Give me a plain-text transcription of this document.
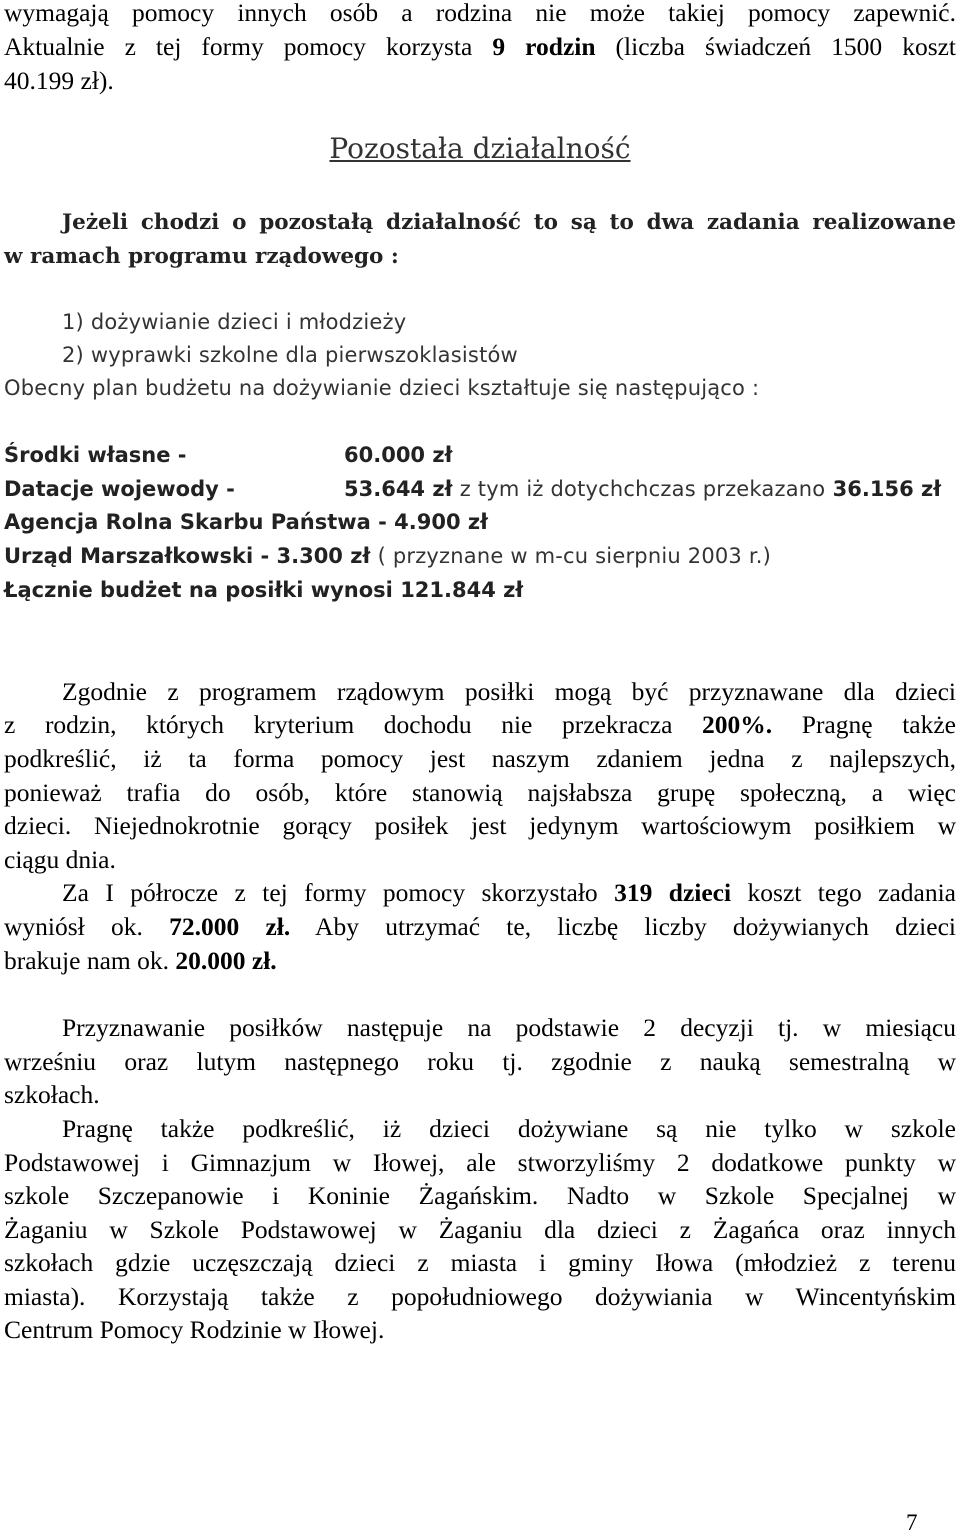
wymagają pomocy innych osób a rodzina nie może takiej pomocy zapewnić.
Aktualnie z tej formy pomocy korzysta 9 rodzin (liczba świadczeń 1500 koszt
40.199 zł).
Pozostała działalność
Jeżeli chodzi o pozostałą działalność to są to dwa zadania realizowane
w ramach programu rządowego :
1) dożywianie dzieci i młodzieży
2) wyprawki szkolne dla pierwszoklasistów
Obecny plan budżetu na dożywianie dzieci kształtuje się następująco :
Środki własne -	60.000 zł
Datacje wojewody -	53.644 zł z tym iż dotychchczas przekazano 36.156 zł
Agencja Rolna Skarbu Państwa - 4.900 zł
Urząd Marszałkowski - 3.300 zł ( przyznane w m-cu sierpniu 2003 r.)
Łącznie budżet na posiłki wynosi 121.844 zł
Zgodnie z programem rządowym posiłki mogą być przyznawane dla dzieci
z rodzin, których kryterium dochodu nie przekracza 200%. Pragnę także
podkreślić, iż ta forma pomocy jest naszym zdaniem jedna z najlepszych,
ponieważ trafia do osób, które stanowią najsłabsza grupę społeczną, a więc
dzieci. Niejednokrotnie gorący posiłek jest jedynym wartościowym posiłkiem w
ciągu dnia.
Za I półrocze z tej formy pomocy skorzystało 319 dzieci koszt tego zadania
wyniósł ok. 72.000 zł. Aby utrzymać te, liczbę liczby dożywianych dzieci
brakuje nam ok. 20.000 zł.
Przyznawanie posiłków następuje na podstawie 2 decyzji tj. w miesiącu
wrześniu oraz lutym następnego roku tj. zgodnie z nauką semestralną w
szkołach.
Pragnę także podkreślić, iż dzieci dożywiane są nie tylko w szkole
Podstawowej i Gimnazjum w Iłowej, ale stworzyliśmy 2 dodatkowe punkty w
szkole Szczepanowie i Koninie Żagańskim. Nadto w Szkole Specjalnej w
Żaganiu w Szkole Podstawowej w Żaganiu dla dzieci z Żagańca oraz innych
szkołach gdzie uczęszczają dzieci z miasta i gminy Iłowa (młodzież z terenu
miasta). Korzystają także z popołudniowego dożywiania w Wincentyńskim
Centrum Pomocy Rodzinie w Iłowej.
7
